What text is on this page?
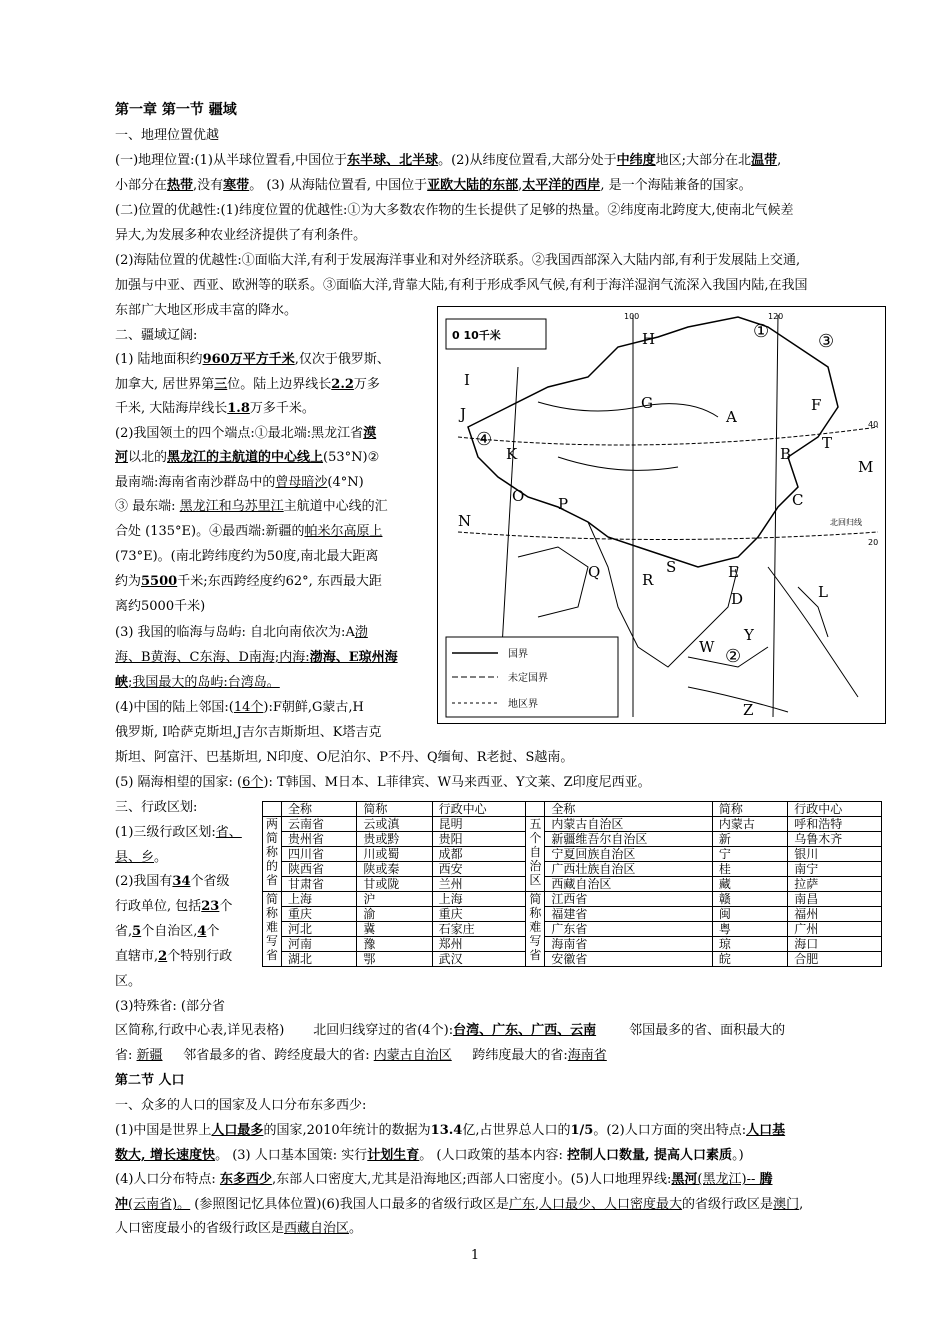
第一章 第一节 疆域
一、地理位置优越
(一)地理位置:(1)从半球位置看,中国位于东半球、北半球。(2)从纬度位置看,大部分处于中纬度地区;大部分在北温带,
小部分在热带,没有寒带。 (3) 从海陆位置看, 中国位于亚欧大陆的东部,太平洋的西岸, 是一个海陆兼备的国家。
(二)位置的优越性:(1)纬度位置的优越性:①为大多数农作物的生长提供了足够的热量。②纬度南北跨度大,使南北气候差
异大,为发展多种农业经济提供了有利条件。
(2)海陆位置的优越性:①面临大洋,有利于发展海洋事业和对外经济联系。②我国西部深入大陆内部,有利于发展陆上交通,
加强与中亚、西亚、欧洲等的联系。③面临大洋,背靠大陆,有利于形成季风气候,有利于海洋湿润气流深入我国内陆,在我国
东部广大地区形成丰富的降水。
二、疆域辽阔:
(1) 陆地面积约960万平方千米,仅次于俄罗斯、
加拿大, 居世界第三位。陆上边界线长2.2万多
千米, 大陆海岸线长1.8万多千米。
(2)我国领土的四个端点:①最北端:黑龙江省漠
河以北的黑龙江的主航道的中心线上(53°N)②
最南端:海南省南沙群岛中的曾母暗沙(4°N)
③ 最东端: 黑龙江和乌苏里江主航道中心线的汇
合处 (135°E)。④最西端:新疆的帕米尔高原上
(73°E)。(南北跨纬度约为50度,南北最大距离
约为5500千米;东西跨经度约62°, 东西最大距
离约5000千米)
(3) 我国的临海与岛屿: 自北向南依次为:A渤
海、B黄海、C东海、D南海;内海:渤海、E琼州海
峡;我国最大的岛屿:台湾岛。
(4)中国的陆上邻国:(14个):F朝鲜,G蒙古,H
俄罗斯, I哈萨克斯坦,J吉尔吉斯斯坦、K塔吉克
斯坦、阿富汗、巴基斯坦, N印度、O尼泊尔、P不丹、Q缅甸、R老挝、S越南。
(5) 隔海相望的国家: (6个): T韩国、M日本、L菲律宾、W马来西亚、Y文莱、Z印度尼西亚。
0 10千米
100	120
40
20
北回归线
H
G
I
J
K
A
B
F
C
O P
N
Q	R
S	E
D	L
T
M
W
Y
Z
①
②
③
④
国界
未定国界
地区界
三、行政区划:
(1)三级行政区划:省、
县、乡。
(2)我国有34个省级
行政单位, 包括23个
省,5个自治区,4个
直辖市,2个特别行政
区。
(3)特殊省: (部分省
	全称	简称	行政中心		全称	简称	行政中心
两简称的省	云南省	云或滇	昆明	五个自治区	内蒙古自治区	内蒙古	呼和浩特
	贵州省	贵或黔	贵阳		新疆维吾尔自治区	新	乌鲁木齐
	四川省	川或蜀	成都		宁夏回族自治区	宁	银川
	陕西省	陕或秦	西安		广西壮族自治区	桂	南宁
	甘肃省	甘或陇	兰州		西藏自治区	藏	拉萨
简称难写省	上海	沪	上海	简称难写省	江西省	赣	南昌
	重庆	渝	重庆		福建省	闽	福州
	河北	冀	石家庄		广东省	粤	广州
	河南	豫	郑州		海南省	琼	海口
	湖北	鄂	武汉		安徽省	皖	合肥
区简称,行政中心表,详见表格) 北回归线穿过的省(4个):台湾、广东、广西、云南	邻国最多的省、面积最大的
省: 新疆 邻省最多的省、跨经度最大的省: 内蒙古自治区 跨纬度最大的省:海南省
第二节 人口
一、众多的人口的国家及人口分布东多西少:
(1)中国是世界上人口最多的国家,2010年统计的数据为13.4亿,占世界总人口的1/5。(2)人口方面的突出特点:人口基
数大, 增长速度快。 (3) 人口基本国策: 实行计划生育。 (人口政策的基本内容: 控制人口数量, 提高人口素质。)
(4)人口分布特点: 东多西少,东部人口密度大,尤其是沿海地区;西部人口密度小。(5)人口地理界线:黑河(黑龙江)-- 腾
冲(云南省)。 (参照图记忆具体位置)(6)我国人口最多的省级行政区是广东,人口最少、人口密度最大的省级行政区是澳门,
人口密度最小的省级行政区是西藏自治区。
1
